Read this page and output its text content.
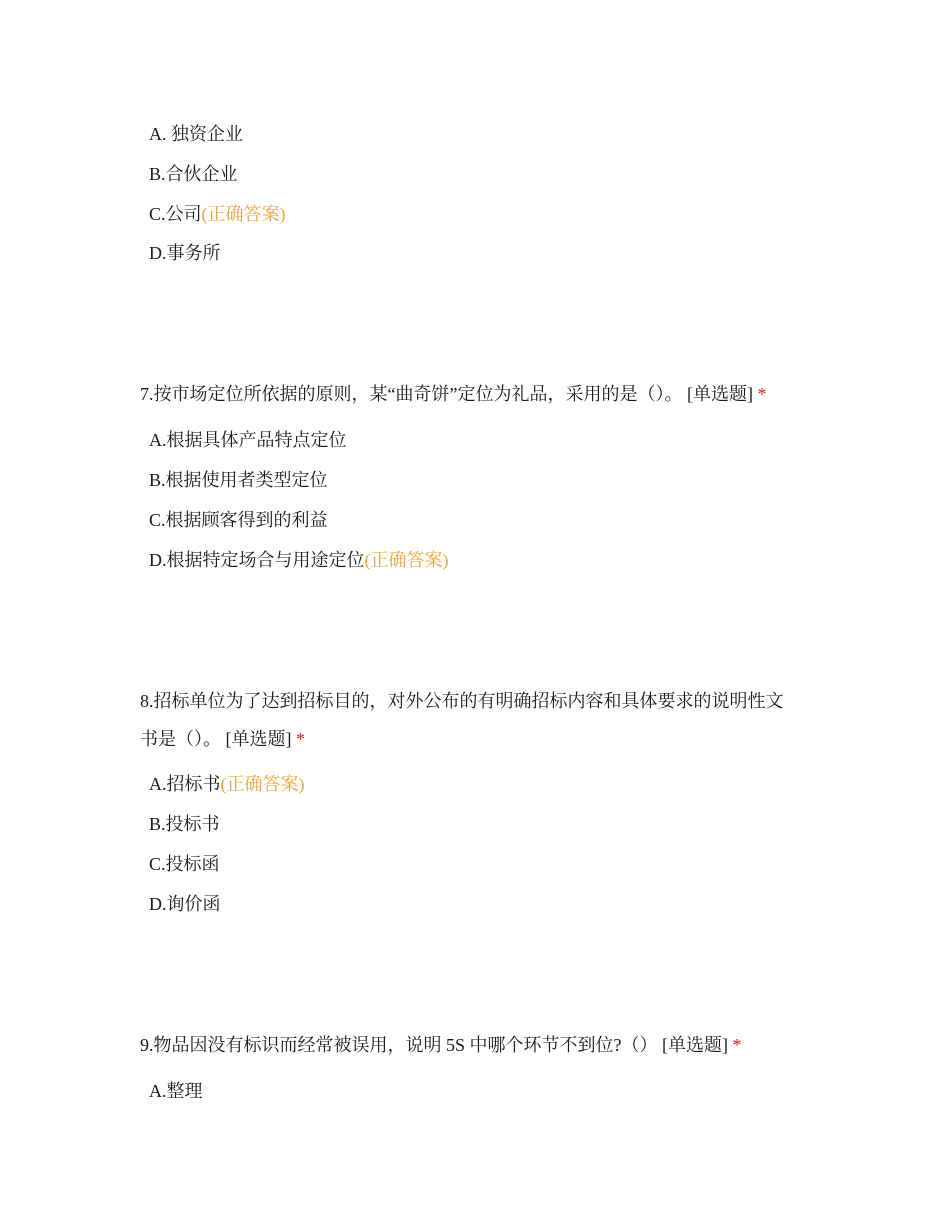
A. 独资企业
B.合伙企业
C.公司(正确答案)
D.事务所
7.按市场定位所依据的原则，某“曲奇饼”定位为礼品，采用的是（）。 [单选题] *
A.根据具体产品特点定位
B.根据使用者类型定位
C.根据顾客得到的利益
D.根据特定场合与用途定位(正确答案)
8.招标单位为了达到招标目的，对外公布的有明确招标内容和具体要求的说明性文
书是（）。 [单选题] *
A.招标书(正确答案)
B.投标书
C.投标函
D.询价函
9.物品因没有标识而经常被误用，说明 5S 中哪个环节不到位?（） [单选题] *
A.整理
